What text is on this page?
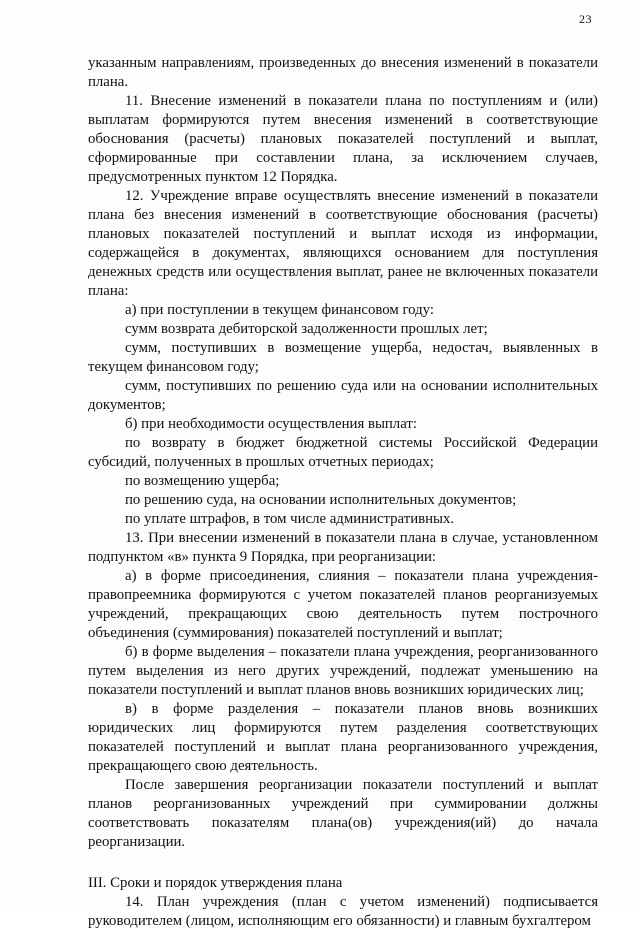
23

указанным направлениям, произведенных до внесения изменений в показатели плана.

11. Внесение изменений в показатели плана по поступлениям и (или) выплатам формируются путем внесения изменений в соответствующие обоснования (расчеты) плановых показателей поступлений и выплат, сформированные при составлении плана, за исключением случаев, предусмотренных пунктом 12 Порядка.

12. Учреждение вправе осуществлять внесение изменений в показатели плана без внесения изменений в соответствующие обоснования (расчеты) плановых показателей поступлений и выплат исходя из информации, содержащейся в документах, являющихся основанием для поступления денежных средств или осуществления выплат, ранее не включенных показатели плана:

а) при поступлении в текущем финансовом году:

сумм возврата дебиторской задолженности прошлых лет;

сумм, поступивших в возмещение ущерба, недостач, выявленных в текущем финансовом году;

сумм, поступивших по решению суда или на основании исполнительных документов;

б) при необходимости осуществления выплат:

по возврату в бюджет бюджетной системы Российской Федерации субсидий, полученных в прошлых отчетных периодах;

по возмещению ущерба;

по решению суда, на основании исполнительных документов;

по уплате штрафов, в том числе административных.

13. При внесении изменений в показатели плана в случае, установленном подпунктом «в» пункта 9 Порядка, при реорганизации:

а) в форме присоединения, слияния – показатели плана учреждения-правопреемника формируются с учетом показателей планов реорганизуемых учреждений, прекращающих свою деятельность путем построчного объединения (суммирования) показателей поступлений и выплат;

б) в форме выделения – показатели плана учреждения, реорганизованного путем выделения из него других учреждений, подлежат уменьшению на показатели поступлений и выплат планов вновь возникших юридических лиц;

в) в форме разделения – показатели планов вновь возникших юридических лиц формируются путем разделения соответствующих показателей поступлений и выплат плана реорганизованного учреждения, прекращающего свою деятельность.

После завершения реорганизации показатели поступлений и выплат планов реорганизованных учреждений при суммировании должны соответствовать показателям плана(ов) учреждения(ий) до начала реорганизации.

III. Сроки и порядок утверждения плана

14. План учреждения (план с учетом изменений) подписывается руководителем (лицом, исполняющим его обязанности) и главным бухгалтером
